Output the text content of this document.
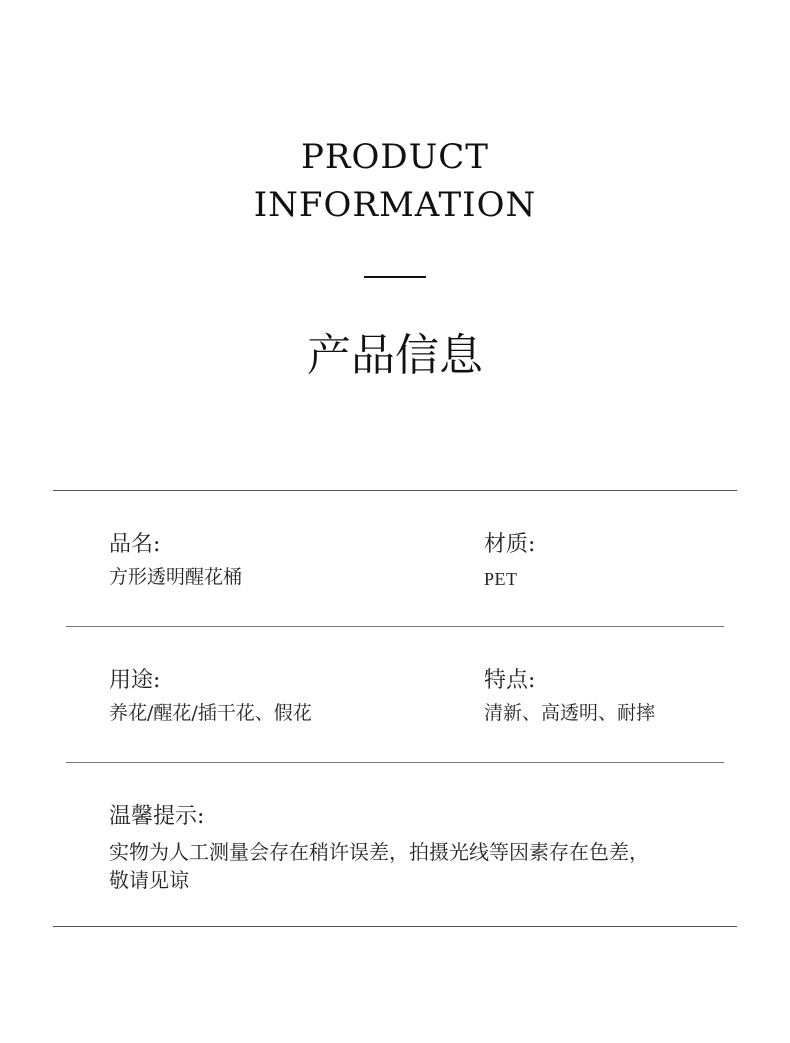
PRODUCT
INFORMATION
产品信息
品名:
方形透明醒花桶
材质:
PET
用途:
养花/醒花/插干花、假花
特点:
清新、高透明、耐摔
温馨提示:
实物为人工测量会存在稍许误差，拍摄光线等因素存在色差，
敬请见谅
